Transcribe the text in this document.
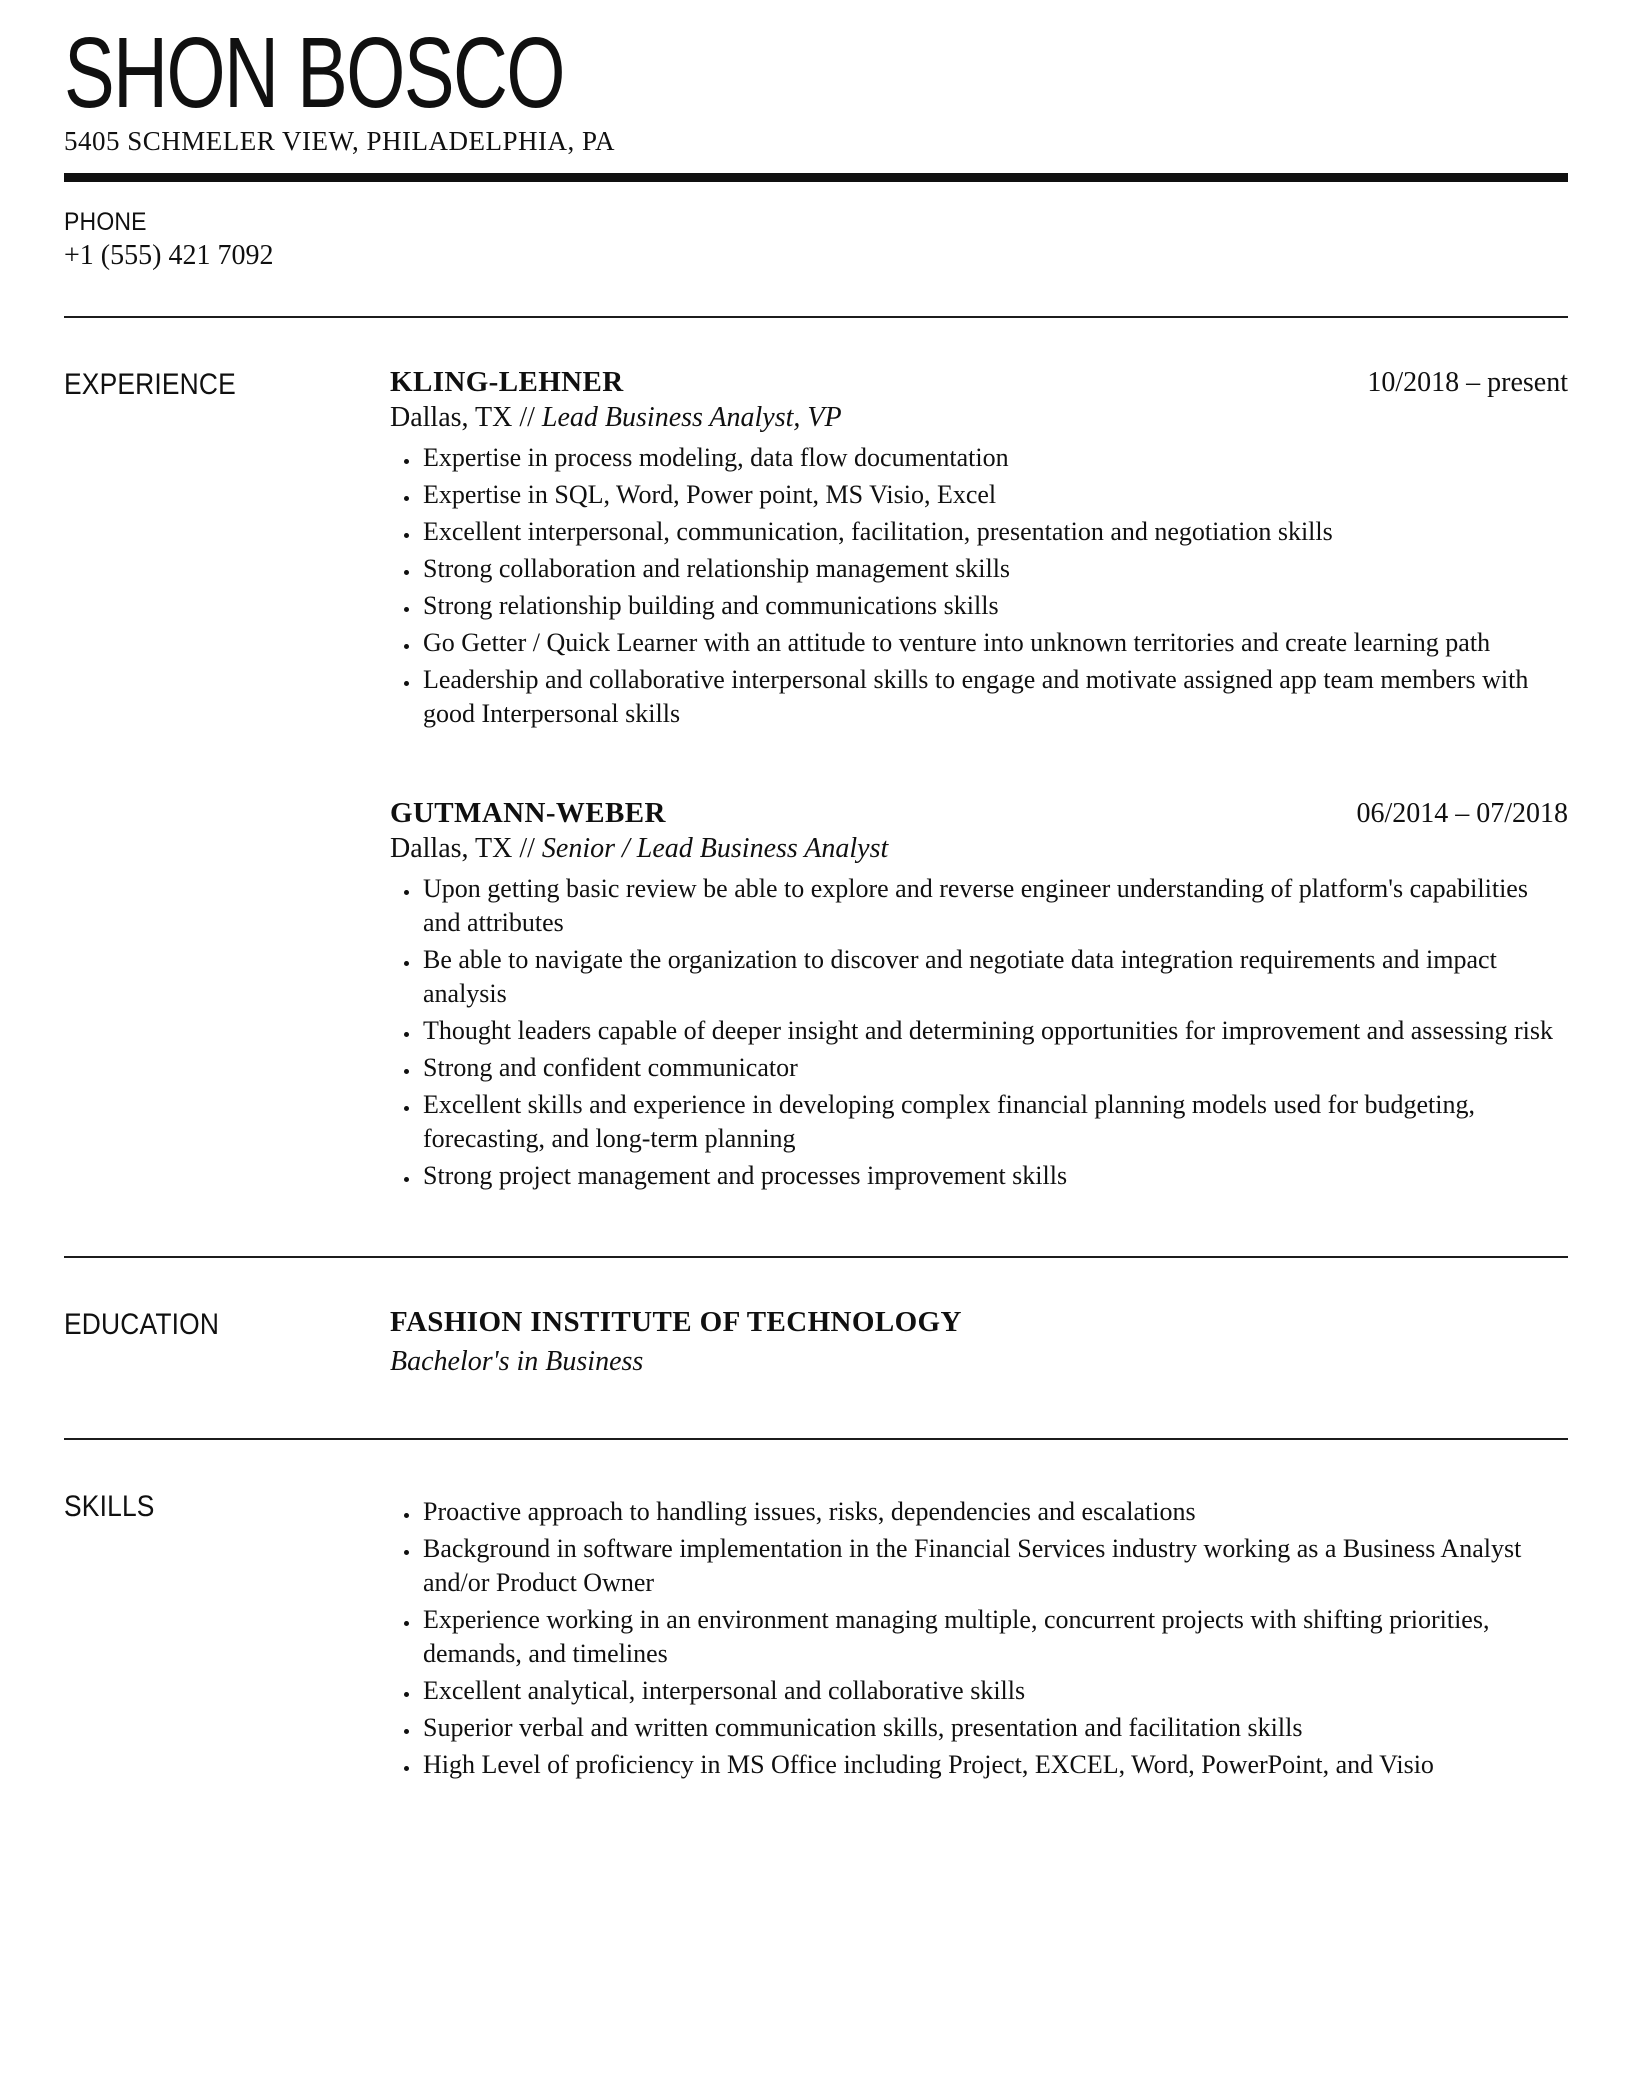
SHON BOSCO
5405 SCHMELER VIEW, PHILADELPHIA, PA
PHONE
+1 (555) 421 7092
EXPERIENCE	KLING-LEHNER	10/2018 – present
Dallas, TX // Lead Business Analyst, VP
• Expertise in process modeling, data flow documentation
• Expertise in SQL, Word, Power point, MS Visio, Excel
• Excellent interpersonal, communication, facilitation, presentation and negotiation skills
• Strong collaboration and relationship management skills
• Strong relationship building and communications skills
• Go Getter / Quick Learner with an attitude to venture into unknown territories and create learning path
• Leadership and collaborative interpersonal skills to engage and motivate assigned app team members with good Interpersonal skills
GUTMANN-WEBER	06/2014 – 07/2018
Dallas, TX // Senior / Lead Business Analyst
• Upon getting basic review be able to explore and reverse engineer understanding of platform's capabilities and attributes
• Be able to navigate the organization to discover and negotiate data integration requirements and impact analysis
• Thought leaders capable of deeper insight and determining opportunities for improvement and assessing risk
• Strong and confident communicator
• Excellent skills and experience in developing complex financial planning models used for budgeting, forecasting, and long-term planning
• Strong project management and processes improvement skills
EDUCATION	FASHION INSTITUTE OF TECHNOLOGY
Bachelor's in Business
SKILLS	• Proactive approach to handling issues, risks, dependencies and escalations
• Background in software implementation in the Financial Services industry working as a Business Analyst and/or Product Owner
• Experience working in an environment managing multiple, concurrent projects with shifting priorities, demands, and timelines
• Excellent analytical, interpersonal and collaborative skills
• Superior verbal and written communication skills, presentation and facilitation skills
• High Level of proficiency in MS Office including Project, EXCEL, Word, PowerPoint, and Visio
